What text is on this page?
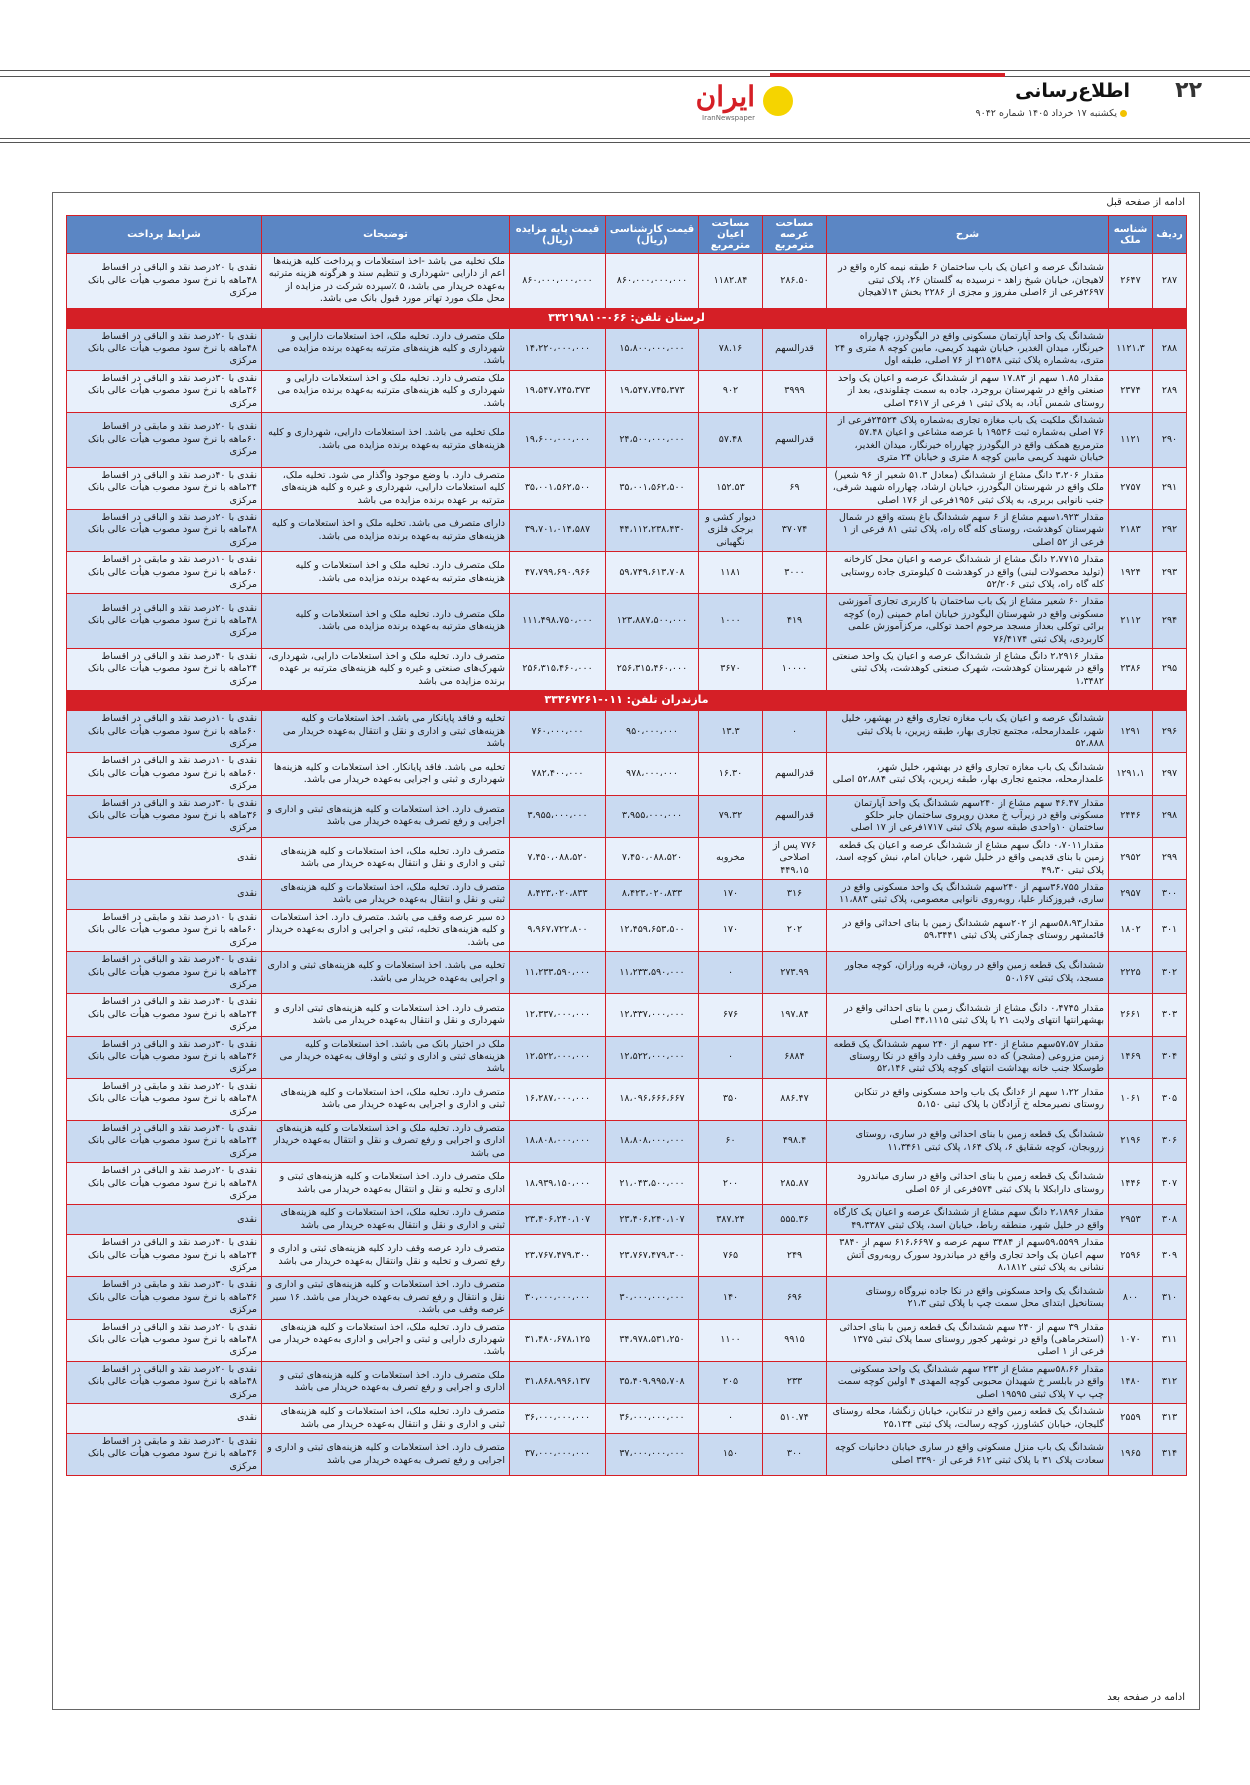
۲۲
اطلاع‌رسانی
یکشنبه ۱۷ خرداد ۱۴۰۵ شماره ۹۰۴۲
ایران
IranNewspaper
ادامه از صفحه قبل
ردیف	شناسه ملک	شرح	مساحت عرصه مترمربع	مساحت اعیان مترمربع	قیمت کارشناسی (ریال)	قیمت پایه مزایده (ریال)	توضیحات	شرایط پرداخت
۲۸۷	۲۶۴۷	ششدانگ عرصه و اعیان یک باب ساختمان ۶ طبقه نیمه کاره واقع در لاهیجان، خیابان شیخ زاهد - نرسیده به گلستان ۲۶، پلاک ثبتی ۲۶۹۷فرعی از ۶اصلی مفروز و مجزی از ۲۲۸۶ بخش ۱۴لاهیجان	۲۸۶.۵۰	۱۱۸۲.۸۴	۸۶۰،۰۰۰،۰۰۰،۰۰۰	۸۶۰،۰۰۰،۰۰۰،۰۰۰	ملک تخلیه می باشد -اخذ استعلامات و پرداخت کلیه هزینه‌ها اعم از دارایی -شهرداری و تنظیم سند و هرگونه هزینه مترتبه به‌عهده خریدار می باشد، ۵ ٪سپرده شرکت در مزایده از محل ملک مورد تهاتر مورد قبول بانک می باشد.	نقدی با ۲۰درصد نقد و الباقی در اقساط ۴۸ماهه با نرخ سود مصوب هیأت عالی بانک مرکزی
لرستان تلفن: ۰۶۶-۳۳۲۱۹۸۱۰								
۲۸۸	۱۱۲۱،۳	ششدانگ یک واحد آپارتمان مسکونی واقع در الیگودرز، چهارراه خیرنگار، میدان الغدیر، خیابان شهید کریمی، مابین کوچه ۸ متری و ۲۴ متری، به‌شماره پلاک ثبتی ۲۱۵۴۸ از ۷۶ اصلی، طبقه اول	قدرالسهم	۷۸.۱۶	۱۵،۸۰۰،۰۰۰،۰۰۰	۱۴،۲۲۰،۰۰۰،۰۰۰	ملک متصرف دارد. تخلیه ملک، اخذ استعلامات دارایی و شهرداری و کلیه هزینه‌های مترتبه به‌عهده برنده مزایده می باشد.	نقدی با ۲۰درصد نقد و الباقی در اقساط ۴۸ماهه با نرخ سود مصوب هیأت عالی بانک مرکزی
۲۸۹	۲۳۷۴	مقدار ۱.۸۵ سهم از ۱۷.۸۳ سهم از ششدانگ عرصه و اعیان یک واحد صنعتی واقع در شهرستان بروجرد، جاده به سمت چقلوندی، بعد از روستای شمس آباد، به پلاک ثبتی ۱ فرعی از ۳۶۱۷ اصلی	۳۹۹۹	۹۰۲	۱۹،۵۴۷،۷۴۵،۳۷۳	۱۹،۵۴۷،۷۴۵،۳۷۳	ملک متصرف دارد. تخلیه ملک و اخذ استعلامات دارایی و شهرداری و کلیه هزینه‌های مترتبه به‌عهده برنده مزایده می باشد.	نقدی با ۳۰درصد نقد و الباقی در اقساط ۳۶ماهه با نرخ سود مصوب هیأت عالی بانک مرکزی
۲۹۰	۱۱۲۱	ششدانگ ملکیت یک باب مغازه تجاری به‌شماره پلاک ۲۴۵۲۴فرعی از ۷۶ اصلی به‌شماره ثبت ۱۹۵۳۶ با عرصه مشاعی و اعیان ۵۷.۴۸ مترمربع همکف واقع در الیگودرز چهارراه خیرنگار، میدان الغدیر، خیابان شهید کریمی مابین کوچه ۸ متری و خیابان ۲۴ متری	قدرالسهم	۵۷.۴۸	۲۴،۵۰۰،۰۰۰،۰۰۰	۱۹،۶۰۰،۰۰۰،۰۰۰	ملک تخلیه می باشد. اخذ استعلامات دارایی، شهرداری و کلیه هزینه‌های مترتبه به‌عهده برنده مزایده می باشد.	نقدی با ۲۰درصد نقد و مابقی در اقساط ۶۰ماهه با نرخ سود مصوب هیأت عالی بانک مرکزی
۲۹۱	۲۷۵۷	مقدار ۳،۲۰۶ دانگ مشاع از ششدانگ (معادل ۵۱.۳ شعیر از ۹۶ شعیر) ملک واقع در شهرستان الیگودرز، خیابان ارشاد، چهارراه شهید شرفی، جنب نانوایی بربری، به پلاک ثبتی ۱۹۵۶فرعی از ۱۷۶ اصلی	۶۹	۱۵۲.۵۳	۳۵،۰۰۱،۵۶۲،۵۰۰	۳۵،۰۰۱،۵۶۲،۵۰۰	متصرف دارد. با وضع موجود واگذار می شود. تخلیه ملک، کلیه استعلامات دارایی، شهرداری و غیره و کلیه هزینه‌های مترتبه بر عهده برنده مزایده می باشد	نقدی با ۴۰درصد نقد و الباقی در اقساط ۲۴ماهه با نرخ سود مصوب هیأت عالی بانک مرکزی
۲۹۲	۲۱۸۳	مقدار ۱،۹۲۳سهم مشاع از ۶ سهم ششدانگ باغ بسته واقع در شمال شهرستان کوهدشت، روستای کله گاه راه، پلاک ثبتی ۸۱ فرعی از ۱ فرعی از ۵۲ اصلی	۳۷۰۷۴	دیوار کشی و برجک فلزی نگهبانی	۴۴،۱۱۲،۲۳۸،۴۳۰	۳۹،۷۰۱،۰۱۴،۵۸۷	دارای متصرف می باشد. تخلیه ملک و اخذ استعلامات و کلیه هزینه‌های مترتبه به‌عهده برنده مزایده می باشد.	نقدی با ۲۰درصد نقد و الباقی در اقساط ۴۸ماهه با نرخ سود مصوب هیأت عالی بانک مرکزی
۲۹۳	۱۹۲۴	مقدار ۲،۷۷۱۵ دانگ مشاع از ششدانگ عرصه و اعیان محل کارخانه (تولید محصولات لبنی) واقع در کوهدشت ۵ کیلومتری جاده روستایی کله گاه راه، پلاک ثبتی ۵۲/۲۰۶	۳۰۰۰	۱۱۸۱	۵۹،۷۴۹،۶۱۳،۷۰۸	۴۷،۷۹۹،۶۹۰،۹۶۶	ملک متصرف دارد. تخلیه ملک و اخذ استعلامات و کلیه هزینه‌های مترتبه به‌عهده برنده مزایده می باشد.	نقدی با ۱۰درصد نقد و مابقی در اقساط ۶۰ماهه با نرخ سود مصوب هیأت عالی بانک مرکزی
۲۹۴	۲۱۱۲	مقدار ۶۰ شعیر مشاع از یک باب ساختمان با کاربری تجاری آموزشی مسکونی واقع در شهرستان الیگودرز خیابان امام خمینی (ره) کوچه برائی توکلی بعداز مسجد مرحوم احمد توکلی، مرکزآموزش علمی کاربردی، پلاک ثبتی ۷۶/۴۱۷۴	۴۱۹	۱۰۰۰	۱۲۳،۸۸۷،۵۰۰،۰۰۰	۱۱۱،۴۹۸،۷۵۰،۰۰۰	ملک متصرف دارد. تخلیه ملک و اخذ استعلامات و کلیه هزینه‌های مترتبه به‌عهده برنده مزایده می باشد.	نقدی با ۲۰درصد نقد و الباقی در اقساط ۴۸ماهه با نرخ سود مصوب هیأت عالی بانک مرکزی
۲۹۵	۲۳۸۶	مقدار ۲،۲۹۱۶ دانگ مشاع از ششدانگ عرصه و اعیان یک واحد صنعتی واقع در شهرستان کوهدشت، شهرک صنعتی کوهدشت، پلاک ثبتی ۱،۳۴۸۲	۱۰۰۰۰	۳۶۷۰	۲۵۶،۳۱۵،۴۶۰،۰۰۰	۲۵۶،۳۱۵،۴۶۰،۰۰۰	متصرف دارد. تخلیه ملک و اخذ استعلامات دارایی، شهرداری، شهرک‌های صنعتی و غیره و کلیه هزینه‌های مترتبه بر عهده برنده مزایده می باشد	نقدی با ۴۰درصد نقد و الباقی در اقساط ۲۴ماهه با نرخ سود مصوب هیأت عالی بانک مرکزی
مازندران تلفن: ۰۱۱-۳۳۳۶۷۲۶۱								
۲۹۶	۱۲۹۱	ششدانگ عرصه و اعیان یک باب مغازه تجاری واقع در بهشهر، خلیل شهر، علمدارمحله، مجتمع تجاری بهار، طبقه زیرین، با پلاک ثبتی ۵۲،۸۸۸	۰	۱۳.۳	۹۵۰،۰۰۰،۰۰۰	۷۶۰،۰۰۰،۰۰۰	تخلیه و فاقد پایانکار می باشد. اخذ استعلامات و کلیه هزینه‌های ثبتی و اداری و نقل و انتقال به‌عهده خریدار می باشد	نقدی با ۱۰درصد نقد و الباقی در اقساط ۶۰ماهه با نرخ سود مصوب هیأت عالی بانک مرکزی
۲۹۷	۱۲۹۱،۱	ششدانگ یک باب مغازه تجاری واقع در بهشهر، خلیل شهر، علمدارمحله، مجتمع تجاری بهار، طبقه زیرین، پلاک ثبتی ۵۲،۸۸۴ اصلی	قدرالسهم	۱۶.۳۰	۹۷۸،۰۰۰،۰۰۰	۷۸۲،۴۰۰،۰۰۰	تخلیه می باشد. فاقد پایانکار. اخذ استعلامات و کلیه هزینه‌ها شهرداری و ثبتی و اجرایی به‌عهده خریدار می باشد.	نقدی با ۱۰درصد نقد و الباقی در اقساط ۶۰ماهه با نرخ سود مصوب هیأت عالی بانک مرکزی
۲۹۸	۲۴۴۶	مقدار ۴۶.۴۷ سهم مشاع از ۲۴۰سهم ششدانگ یک واحد آپارتمان مسکونی واقع در زیرآب خ معدن رویروی ساختمان جابر حلکو ساختمان ۱۰واحدی طبقه سوم پلاک ثبتی ۱۷۱۷فرعی از ۱۷ اصلی	قدرالسهم	۷۹.۳۲	۳،۹۵۵،۰۰۰،۰۰۰	۳،۹۵۵،۰۰۰،۰۰۰	متصرف دارد. اخذ استعلامات و کلیه هزینه‌های ثبتی و اداری و اجرایی و رفع تصرف به‌عهده خریدار می باشد	نقدی با ۳۰درصد نقد و الباقی در اقساط ۳۶ماهه با نرخ سود مصوب هیأت عالی بانک مرکزی
۲۹۹	۲۹۵۲	مقدار۰،۷۰۱۱ دانگ سهم مشاع از ششدانگ عرصه و اعیان یک قطعه زمین با بنای قدیمی واقع در خلیل شهر، خیابان امام، نبش کوچه اسد، پلاک ثبتی ۴۹،۳۰	۷۷۶ پس از اصلاحی ۴۴۹،۱۵	مخروبه	۷،۴۵۰،۰۸۸،۵۲۰	۷،۴۵۰،۰۸۸،۵۲۰	متصرف دارد. تخلیه ملک، اخذ استعلامات و کلیه هزینه‌های ثبتی و اداری و نقل و انتقال به‌عهده خریدار می باشد	نقدی
۳۰۰	۲۹۵۷	مقدار ۳۶،۷۵۵سهم از ۲۴۰سهم ششدانگ یک واحد مسکونی واقع در ساری، فیروزکنار علیا، روبه‌روی نانوایی معصومی، پلاک ثبتی ۱۱،۸۸۳	۳۱۶	۱۷۰	۸،۴۲۳،۰۲۰،۸۳۳	۸،۴۲۳،۰۲۰،۸۳۳	متصرف دارد. تخلیه ملک، اخذ استعلامات و کلیه هزینه‌های ثبتی و نقل و انتقال به‌عهده خریدار می باشد	نقدی
۳۰۱	۱۸۰۲	مقدار۵۸،۹۳سهم از ۲۰۲سهم ششدانگ زمین با بنای احداثی واقع در قائمشهر روستای چمازکتی پلاک ثبتی ۵۹،۳۴۴۱	۲۰۲	۱۷۰	۱۲،۴۵۹،۶۵۳،۵۰۰	۹،۹۶۷،۷۲۲،۸۰۰	ده سیر عرصه وقف می باشد. متصرف دارد. اخذ استعلامات و کلیه هزینه‌های تخلیه، ثبتی و اجرایی و اداری به‌عهده خریدار می باشد.	نقدی با ۱۰درصد نقد و مابقی در اقساط ۶۰ماهه با نرخ سود مصوب هیأت عالی بانک مرکزی
۳۰۲	۲۲۲۵	ششدانگ یک قطعه زمین واقع در رویان، قریه ورازان، کوچه مجاور مسجد، پلاک ثبتی ۵۰،۱۶۷	۲۷۳.۹۹	۰	۱۱،۲۳۳،۵۹۰،۰۰۰	۱۱،۲۳۳،۵۹۰،۰۰۰	تخلیه می باشد. اخذ استعلامات و کلیه هزینه‌های ثبتی و اداری و اجرایی به‌عهده خریدار می باشد.	نقدی با ۴۰درصد نقد و الباقی در اقساط ۲۴ماهه با نرخ سود مصوب هیأت عالی بانک مرکزی
۳۰۳	۲۶۶۱	مقدار ۰،۴۷۴۵ دانگ مشاع از ششدانگ زمین با بنای احداثی واقع در بهشهرانتها انتهای ولایت ۲۱ با پلاک ثبتی ۴۴،۱۱۱۵ اصلی	۱۹۷.۸۴	۶۷۶	۱۲،۳۳۷،۰۰۰،۰۰۰	۱۲،۳۳۷،۰۰۰،۰۰۰	متصرف دارد. اخذ استعلامات و کلیه هزینه‌های ثبتی اداری و شهرداری و نقل و انتقال به‌عهده خریدار می باشد	نقدی با ۴۰درصد نقد و الباقی در اقساط ۲۴ماهه با نرخ سود مصوب هیأت عالی بانک مرکزی
۳۰۴	۱۴۶۹	مقدار ۵۷،۵۷سهم مشاع از ۲۳۰ سهم از ۲۴۰ سهم ششدانگ یک قطعه زمین مزروعی (مشجر) که ده سیر وقف دارد واقع در نکا روستای طوسکلا جنب خانه بهداشت انتهای کوچه پلاک ثبتی ۵۲،۱۴۶	۶۸۸۴	۰	۱۲،۵۲۲،۰۰۰،۰۰۰	۱۲،۵۲۲،۰۰۰،۰۰۰	ملک در اختیار بانک می باشد. اخذ استعلامات و کلیه هزینه‌های ثبتی و اداری و ثبتی و اوقاف به‌عهده خریدار می باشد	نقدی با ۳۰درصد نقد و الباقی در اقساط ۳۶ماهه با نرخ سود مصوب هیأت عالی بانک مرکزی
۳۰۵	۱۰۶۱	مقدار ۱،۲۲ سهم از ۶دانگ یک باب واحد مسکونی واقع در تنکابن روستای نصیرمحله خ آزادگان با پلاک ثبتی ۵،۱۵۰	۸۸۶.۴۷	۳۵۰	۱۸،۰۹۶،۶۶۶،۶۶۷	۱۶،۲۸۷،۰۰۰،۰۰۰	متصرف دارد. تخلیه ملک، اخذ استعلامات و کلیه هزینه‌های ثبتی و اداری و اجرایی به‌عهده خریدار می باشد	نقدی با ۲۰درصد نقد و مابقی در اقساط ۴۸ماهه با نرخ سود مصوب هیأت عالی بانک مرکزی
۳۰۶	۲۱۹۶	ششدانگ یک قطعه زمین با بنای احداثی واقع در ساری، روستای زروبجان، کوچه شقایق ۶، پلاک ۱۶۴، پلاک ثبتی ۱۱،۳۴۶۱	۴۹۸.۴	۶۰	۱۸،۸۰۸،۰۰۰،۰۰۰	۱۸،۸۰۸،۰۰۰،۰۰۰	متصرف دارد. تخلیه ملک و اخذ استعلامات و کلیه هزینه‌های اداری و اجرایی و رفع تصرف و نقل و انتقال به‌عهده خریدار می باشد	نقدی با ۴۰درصد نقد و الباقی در اقساط ۲۴ماهه با نرخ سود مصوب هیأت عالی بانک مرکزی
۳۰۷	۱۴۴۶	ششدانگ یک قطعه زمین با بنای احداثی واقع در ساری میاندرود روستای دارابکلا با پلاک ثبتی ۵۷۴فرعی از ۵۶ اصلی	۲۸۵.۸۷	۲۰۰	۲۱،۰۴۳،۵۰۰،۰۰۰	۱۸،۹۳۹،۱۵۰،۰۰۰	ملک متصرف دارد. اخذ استعلامات و کلیه هزینه‌های ثبتی و اداری و تخلیه و نقل و انتقال به‌عهده خریدار می باشد	نقدی با ۲۰درصد نقد و الباقی در اقساط ۴۸ماهه با نرخ سود مصوب هیأت عالی بانک مرکزی
۳۰۸	۲۹۵۳	مقدار ۲،۱۸۹۶ دانگ سهم مشاع از ششدانگ عرصه و اعیان یک کارگاه واقع در خلیل شهر، منطقه رباط، خیابان اسد، پلاک ثبتی ۴۹،۳۳۸۷	۵۵۵.۳۶	۳۸۷.۲۴	۲۳،۴۰۶،۲۴۰،۱۰۷	۲۳،۴۰۶،۲۴۰،۱۰۷	متصرف دارد. تخلیه ملک، اخذ استعلامات و کلیه هزینه‌های ثبتی و اداری و نقل و انتقال به‌عهده خریدار می باشد	نقدی
۳۰۹	۲۵۹۶	مقدار ۵۹،۵۵۹۹سهم از ۳۴۸۴ سهم عرصه و ۶۱۶،۶۶۹۷ سهم از ۳۸۴۰ سهم اعیان یک واحد تجاری واقع در میاندرود سورک روبه‌روی آتش نشانی به پلاک ثبتی ۸،۱۸۱۲	۲۴۹	۷۶۵	۲۳،۷۶۷،۴۷۹،۳۰۰	۲۳،۷۶۷،۴۷۹،۳۰۰	متصرف دارد عرصه وقف دارد کلیه هزینه‌های ثبتی و اداری و رفع تصرف و تخلیه و نقل وانتقال به‌عهده خریدار می باشد	نقدی با ۴۰درصد نقد و الباقی در اقساط ۲۴ماهه با نرخ سود مصوب هیأت عالی بانک مرکزی
۳۱۰	۸۰۰	ششدانگ یک واحد مسکونی واقع در نکا جاده نیروگاه روستای بستانخیل ابتدای محل سمت چپ با پلاک ثبتی ۲۱،۳	۶۹۶	۱۴۰	۳۰،۰۰۰،۰۰۰،۰۰۰	۳۰،۰۰۰،۰۰۰،۰۰۰	متصرف دارد. اخذ استعلامات و کلیه هزینه‌های ثبتی و اداری و نقل و انتقال و رفع تصرف به‌عهده خریدار می باشد. ۱۶ سیر عرصه وقف می باشد.	نقدی با ۳۰درصد نقد و مابقی در اقساط ۳۶ماهه با نرخ سود مصوب هیأت عالی بانک مرکزی
۳۱۱	۱۰۷۰	مقدار ۳۹ سهم از ۲۴۰ سهم ششدانگ یک قطعه زمین با بنای احداثی (استخرماهی) واقع در نوشهر کجور روستای سما پلاک ثبتی ۱۳۷۵ فرعی از ۱ اصلی	۹۹۱۵	۱۱۰۰	۳۴،۹۷۸،۵۳۱،۲۵۰	۳۱،۴۸۰،۶۷۸،۱۲۵	متصرف دارد. تخلیه ملک، اخذ استعلامات و کلیه هزینه‌های شهرداری دارایی و ثبتی و اجرایی و اداری به‌عهده خریدار می باشد.	نقدی با ۲۰درصد نقد و الباقی در اقساط ۴۸ماهه با نرخ سود مصوب هیأت عالی بانک مرکزی
۳۱۲	۱۴۸۰	مقدار ۵۸،۶۶سهم مشاع از ۲۳۳ سهم ششدانگ یک واحد مسکونی واقع در بابلسر خ شهیدان محبوبی کوچه المهدی ۴ اولین کوچه سمت چپ پ ۷ پلاک ثبتی ۱۹۵۹۵ اصلی	۲۳۳	۲۰۵	۳۵،۴۰۹،۹۹۵،۷۰۸	۳۱،۸۶۸،۹۹۶،۱۳۷	ملک متصرف دارد. اخذ استعلامات و کلیه هزینه‌های ثبتی و اداری و اجرایی و رفع تصرف به‌عهده خریدار می باشد	نقدی با ۲۰درصد نقد و الباقی در اقساط ۴۸ماهه با نرخ سود مصوب هیأت عالی بانک مرکزی
۳۱۳	۲۵۵۹	ششدانگ یک قطعه زمین واقع در تنکابن، خیابان زنگشا، محله روستای گلیجان، خیابان کشاورز، کوچه رسالت، پلاک ثبتی ۲۵،۱۳۴	۵۱۰.۷۴	۰	۳۶،۰۰۰،۰۰۰،۰۰۰	۳۶،۰۰۰،۰۰۰،۰۰۰	متصرف دارد. تخلیه ملک، اخذ استعلامات و کلیه هزینه‌های ثبتی و اداری و نقل و انتقال به‌عهده خریدار می باشد	نقدی
۳۱۴	۱۹۶۵	ششدانگ یک باب منزل مسکونی واقع در ساری خیابان دخانیات کوچه سعادت پلاک ۳۱ با پلاک ثبتی ۶۱۲ فرعی از ۳۳۹۰ اصلی	۳۰۰	۱۵۰	۳۷،۰۰۰،۰۰۰،۰۰۰	۳۷،۰۰۰،۰۰۰،۰۰۰	متصرف دارد. اخذ استعلامات و کلیه هزینه‌های ثبتی و اداری و اجرایی و رفع تصرف به‌عهده خریدار می باشد	نقدی با ۳۰درصد نقد و مابقی در اقساط ۳۶ماهه با نرخ سود مصوب هیأت عالی بانک مرکزی
ادامه در صفحه بعد
